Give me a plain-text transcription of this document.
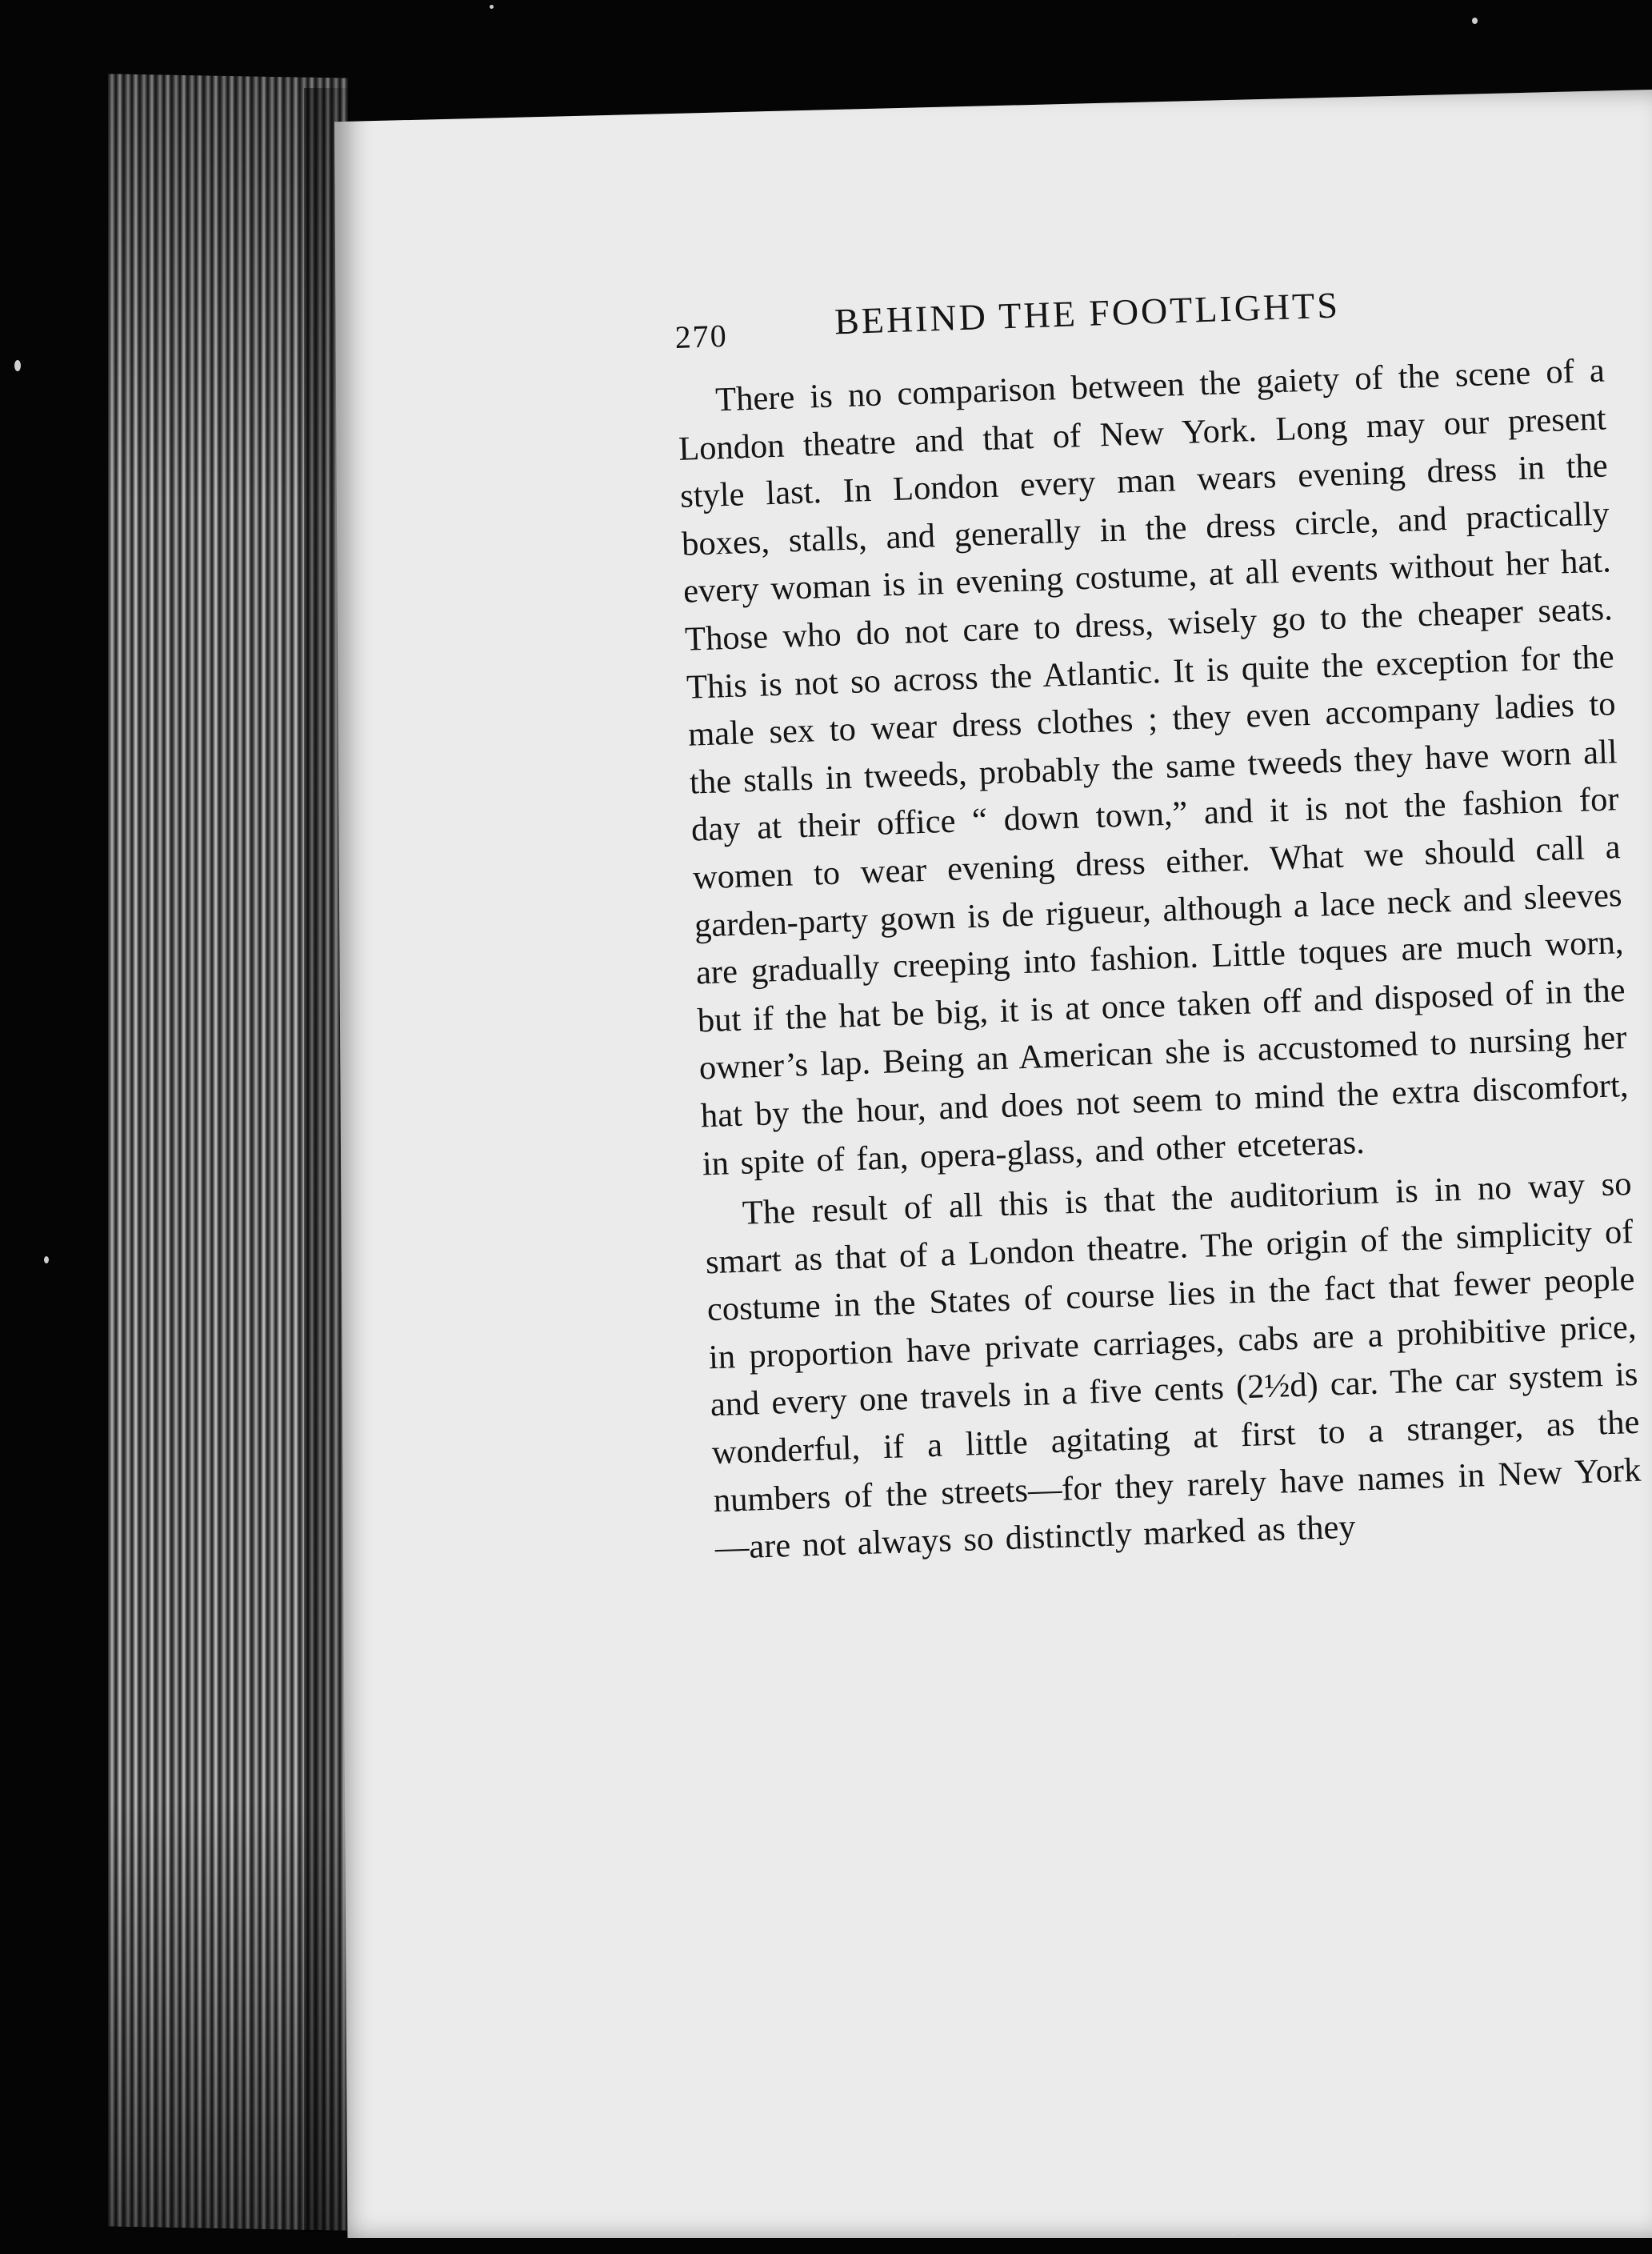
270	BEHIND THE FOOTLIGHTS

There is no comparison between the gaiety of the scene of a London theatre and that of New York. Long may our present style last. In London every man wears evening dress in the boxes, stalls, and generally in the dress circle, and practically every woman is in evening costume, at all events without her hat. Those who do not care to dress, wisely go to the cheaper seats. This is not so across the Atlantic. It is quite the exception for the male sex to wear dress clothes ; they even accompany ladies to the stalls in tweeds, probably the same tweeds they have worn all day at their office “ down town,” and it is not the fashion for women to wear evening dress either. What we should call a garden-party gown is de rigueur, although a lace neck and sleeves are gradually creeping into fashion. Little toques are much worn, but if the hat be big, it is at once taken off and disposed of in the owner’s lap. Being an American she is accustomed to nursing her hat by the hour, and does not seem to mind the extra discomfort, in spite of fan, opera-glass, and other etceteras.

The result of all this is that the auditorium is in no way so smart as that of a London theatre. The origin of the simplicity of costume in the States of course lies in the fact that fewer people in proportion have private carriages, cabs are a prohibitive price, and every one travels in a five cents (2½d) car. The car system is wonderful, if a little agitating at first to a stranger, as the numbers of the streets—for they rarely have names in New York—are not always so distinctly marked as they
